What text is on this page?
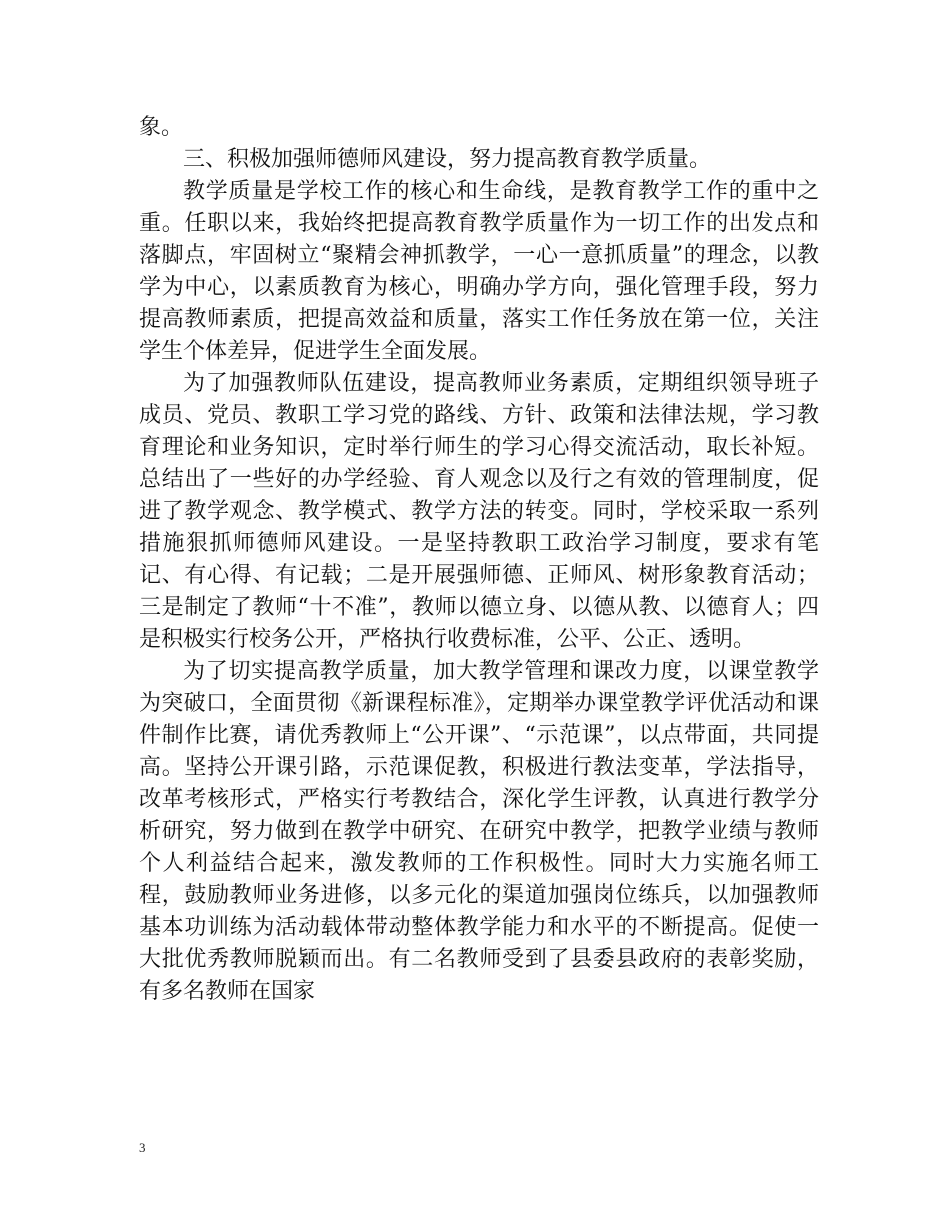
象。

三、积极加强师德师风建设，努力提高教育教学质量。

教学质量是学校工作的核心和生命线，是教育教学工作的重中之重。任职以来，我始终把提高教育教学质量作为一切工作的出发点和落脚点，牢固树立“聚精会神抓教学，一心一意抓质量”的理念，以教学为中心，以素质教育为核心，明确办学方向，强化管理手段，努力提高教师素质，把提高效益和质量，落实工作任务放在第一位，关注学生个体差异，促进学生全面发展。

为了加强教师队伍建设，提高教师业务素质，定期组织领导班子成员、党员、教职工学习党的路线、方针、政策和法律法规，学习教育理论和业务知识，定时举行师生的学习心得交流活动，取长补短。总结出了一些好的办学经验、育人观念以及行之有效的管理制度，促进了教学观念、教学模式、教学方法的转变。同时，学校采取一系列措施狠抓师德师风建设。一是坚持教职工政治学习制度，要求有笔记、有心得、有记载；二是开展强师德、正师风、树形象教育活动；三是制定了教师“十不准”，教师以德立身、以德从教、以德育人；四是积极实行校务公开，严格执行收费标准，公平、公正、透明。

为了切实提高教学质量，加大教学管理和课改力度，以课堂教学为突破口，全面贯彻《新课程标准》，定期举办课堂教学评优活动和课件制作比赛，请优秀教师上“公开课”、“示范课”，以点带面，共同提高。坚持公开课引路，示范课促教，积极进行教法变革，学法指导，改革考核形式，严格实行考教结合，深化学生评教，认真进行教学分析研究，努力做到在教学中研究、在研究中教学，把教学业绩与教师个人利益结合起来，激发教师的工作积极性。同时大力实施名师工程，鼓励教师业务进修，以多元化的渠道加强岗位练兵，以加强教师基本功训练为活动载体带动整体教学能力和水平的不断提高。促使一大批优秀教师脱颖而出。有二名教师受到了县委县政府的表彰奖励，有多名教师在国家

3
